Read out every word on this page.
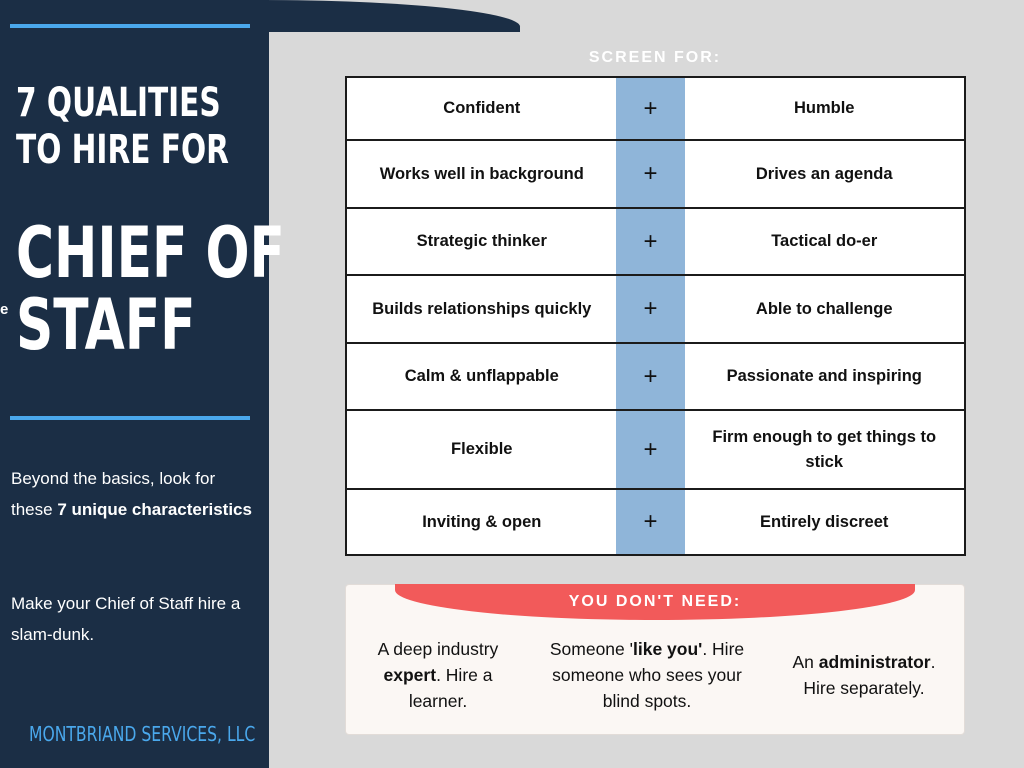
7 QUALITIES
TO HIRE FOR
e
CHIEF OF
STAFF
Beyond the basics, look for these 7 unique characteristics
Make your Chief of Staff hire a slam-dunk.
MONTBRIAND SERVICES, LLC
SCREEN FOR:
Confident	+	Humble
Works well in background	+	Drives an agenda
Strategic thinker	+	Tactical do-er
Builds relationships quickly	+	Able to challenge
Calm & unflappable	+	Passionate and inspiring
Flexible	+	Firm enough to get things to stick
Inviting & open	+	Entirely discreet
YOU DON'T NEED:
A deep industry expert. Hire a learner.
Someone 'like you'. Hire someone who sees your blind spots.
An administrator. Hire separately.
